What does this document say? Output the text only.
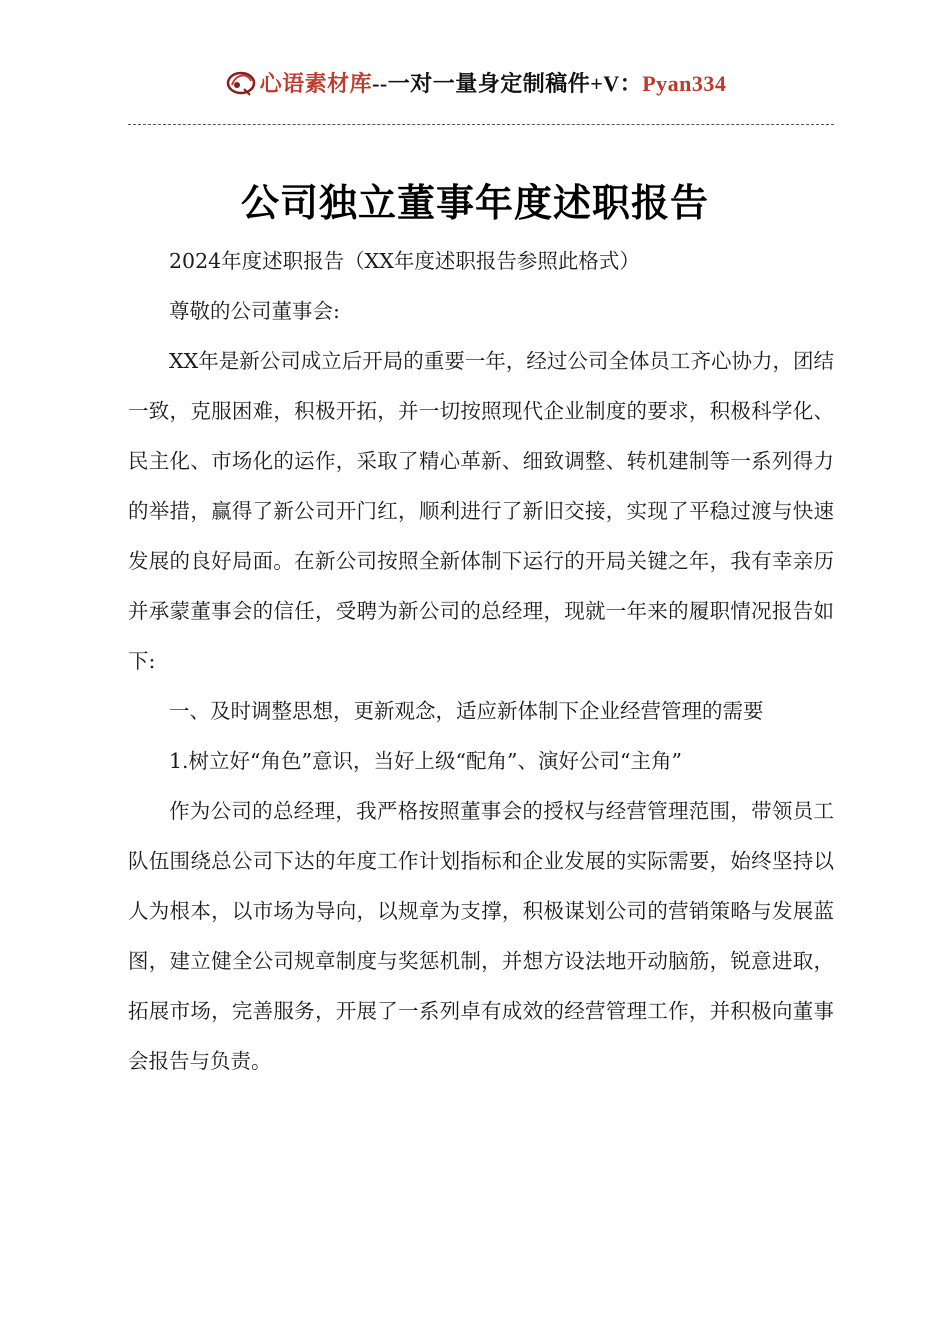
心语素材库--一对一量身定制稿件+V：Pyan334
公司独立董事年度述职报告

2024年度述职报告（XX年度述职报告参照此格式）

尊敬的公司董事会:

XX年是新公司成立后开局的重要一年，经过公司全体员工齐心协力，团结一致，克服困难，积极开拓，并一切按照现代企业制度的要求，积极科学化、民主化、市场化的运作，采取了精心革新、细致调整、转机建制等一系列得力的举措，赢得了新公司开门红，顺利进行了新旧交接，实现了平稳过渡与快速发展的良好局面。在新公司按照全新体制下运行的开局关键之年，我有幸亲历并承蒙董事会的信任，受聘为新公司的总经理，现就一年来的履职情况报告如下:

一、及时调整思想，更新观念，适应新体制下企业经营管理的需要

1.树立好“角色”意识，当好上级“配角”、演好公司“主角”

作为公司的总经理，我严格按照董事会的授权与经营管理范围，带领员工队伍围绕总公司下达的年度工作计划指标和企业发展的实际需要，始终坚持以人为根本，以市场为导向，以规章为支撑，积极谋划公司的营销策略与发展蓝图，建立健全公司规章制度与奖惩机制，并想方设法地开动脑筋，锐意进取，拓展市场，完善服务，开展了一系列卓有成效的经营管理工作，并积极向董事会报告与负责。
